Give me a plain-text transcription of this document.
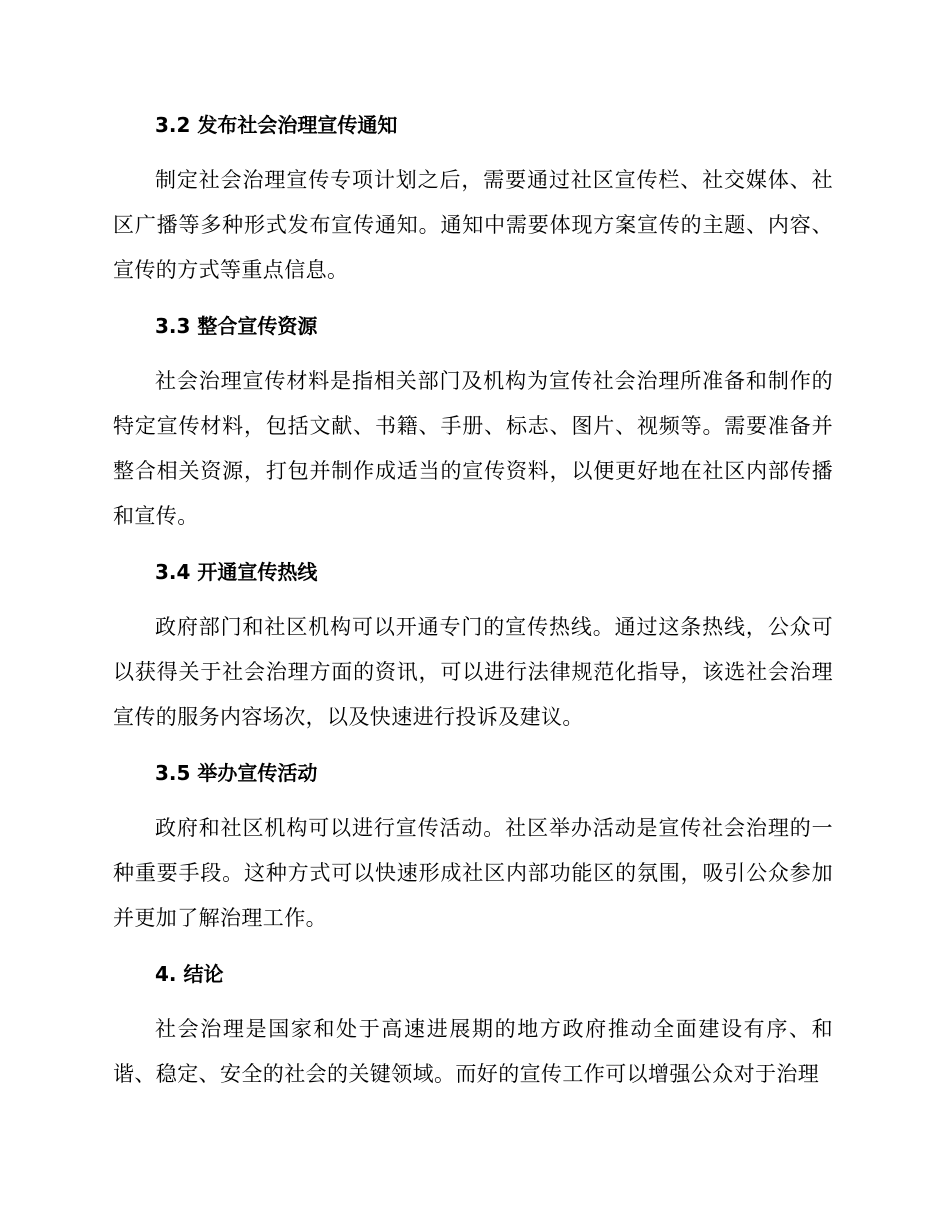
3.2 发布社会治理宣传通知

制定社会治理宣传专项计划之后，需要通过社区宣传栏、社交媒体、社区广播等多种形式发布宣传通知。通知中需要体现方案宣传的主题、内容、宣传的方式等重点信息。

3.3 整合宣传资源

社会治理宣传材料是指相关部门及机构为宣传社会治理所准备和制作的特定宣传材料，包括文献、书籍、手册、标志、图片、视频等。需要准备并整合相关资源，打包并制作成适当的宣传资料，以便更好地在社区内部传播和宣传。

3.4 开通宣传热线

政府部门和社区机构可以开通专门的宣传热线。通过这条热线，公众可以获得关于社会治理方面的资讯，可以进行法律规范化指导，该选社会治理宣传的服务内容场次，以及快速进行投诉及建议。

3.5 举办宣传活动

政府和社区机构可以进行宣传活动。社区举办活动是宣传社会治理的一种重要手段。这种方式可以快速形成社区内部功能区的氛围，吸引公众参加并更加了解治理工作。

4. 结论

社会治理是国家和处于高速进展期的地方政府推动全面建设有序、和谐、稳定、安全的社会的关键领域。而好的宣传工作可以增强公众对于治理
